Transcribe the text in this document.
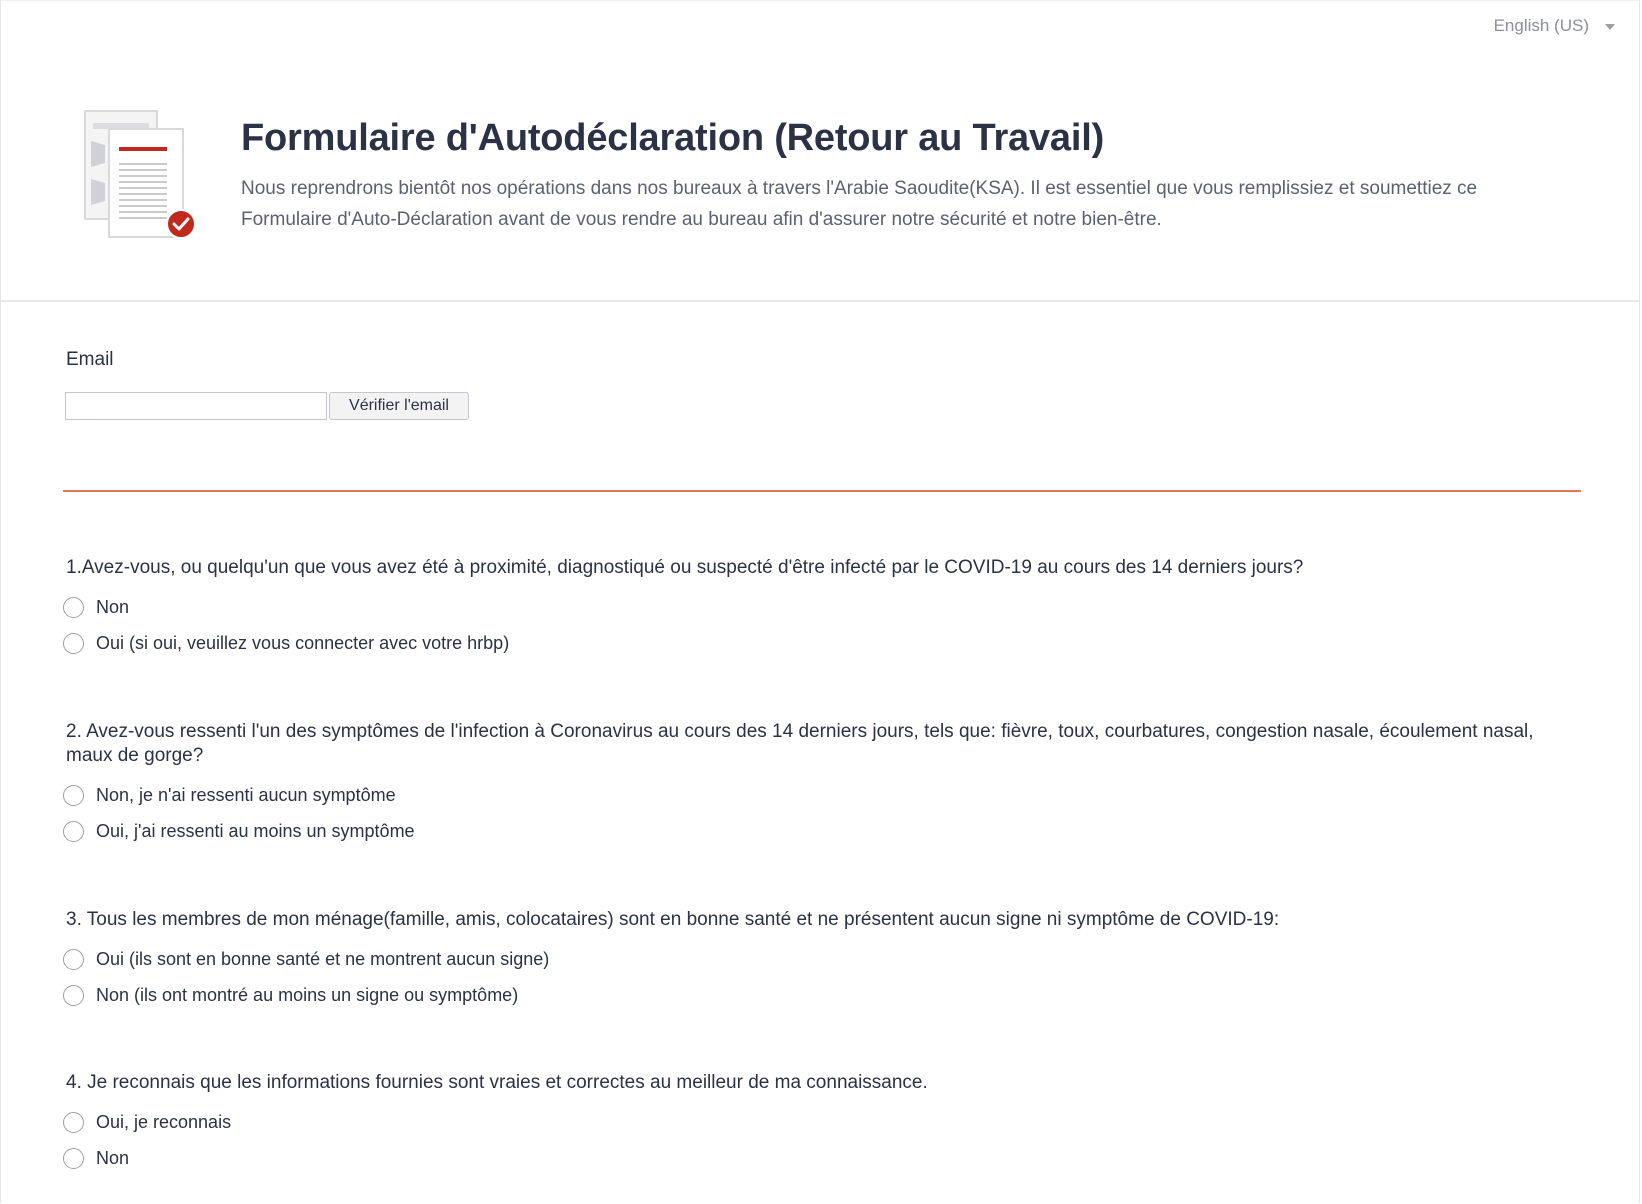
English (US)
Formulaire d'Autodéclaration (Retour au Travail)

Nous reprendrons bientôt nos opérations dans nos bureaux à travers l'Arabie Saoudite(KSA). Il est essentiel que vous remplissiez et soumettiez ce
Formulaire d'Auto-Déclaration avant de vous rendre au bureau afin d'assurer notre sécurité et notre bien-être.

Email
Vérifier l'email

1.Avez-vous, ou quelqu'un que vous avez été à proximité, diagnostiqué ou suspecté d'être infecté par le COVID-19 au cours des 14 derniers jours?

Non
Oui (si oui, veuillez vous connecter avec votre hrbp)

2. Avez-vous ressenti l'un des symptômes de l'infection à Coronavirus au cours des 14 derniers jours, tels que: fièvre, toux, courbatures, congestion nasale, écoulement nasal, maux de gorge?

Non, je n'ai ressenti aucun symptôme
Oui, j'ai ressenti au moins un symptôme

3. Tous les membres de mon ménage(famille, amis, colocataires) sont en bonne santé et ne présentent aucun signe ni symptôme de COVID-19:

Oui (ils sont en bonne santé et ne montrent aucun signe)
Non (ils ont montré au moins un signe ou symptôme)

4. Je reconnais que les informations fournies sont vraies et correctes au meilleur de ma connaissance.

Oui, je reconnais
Non
